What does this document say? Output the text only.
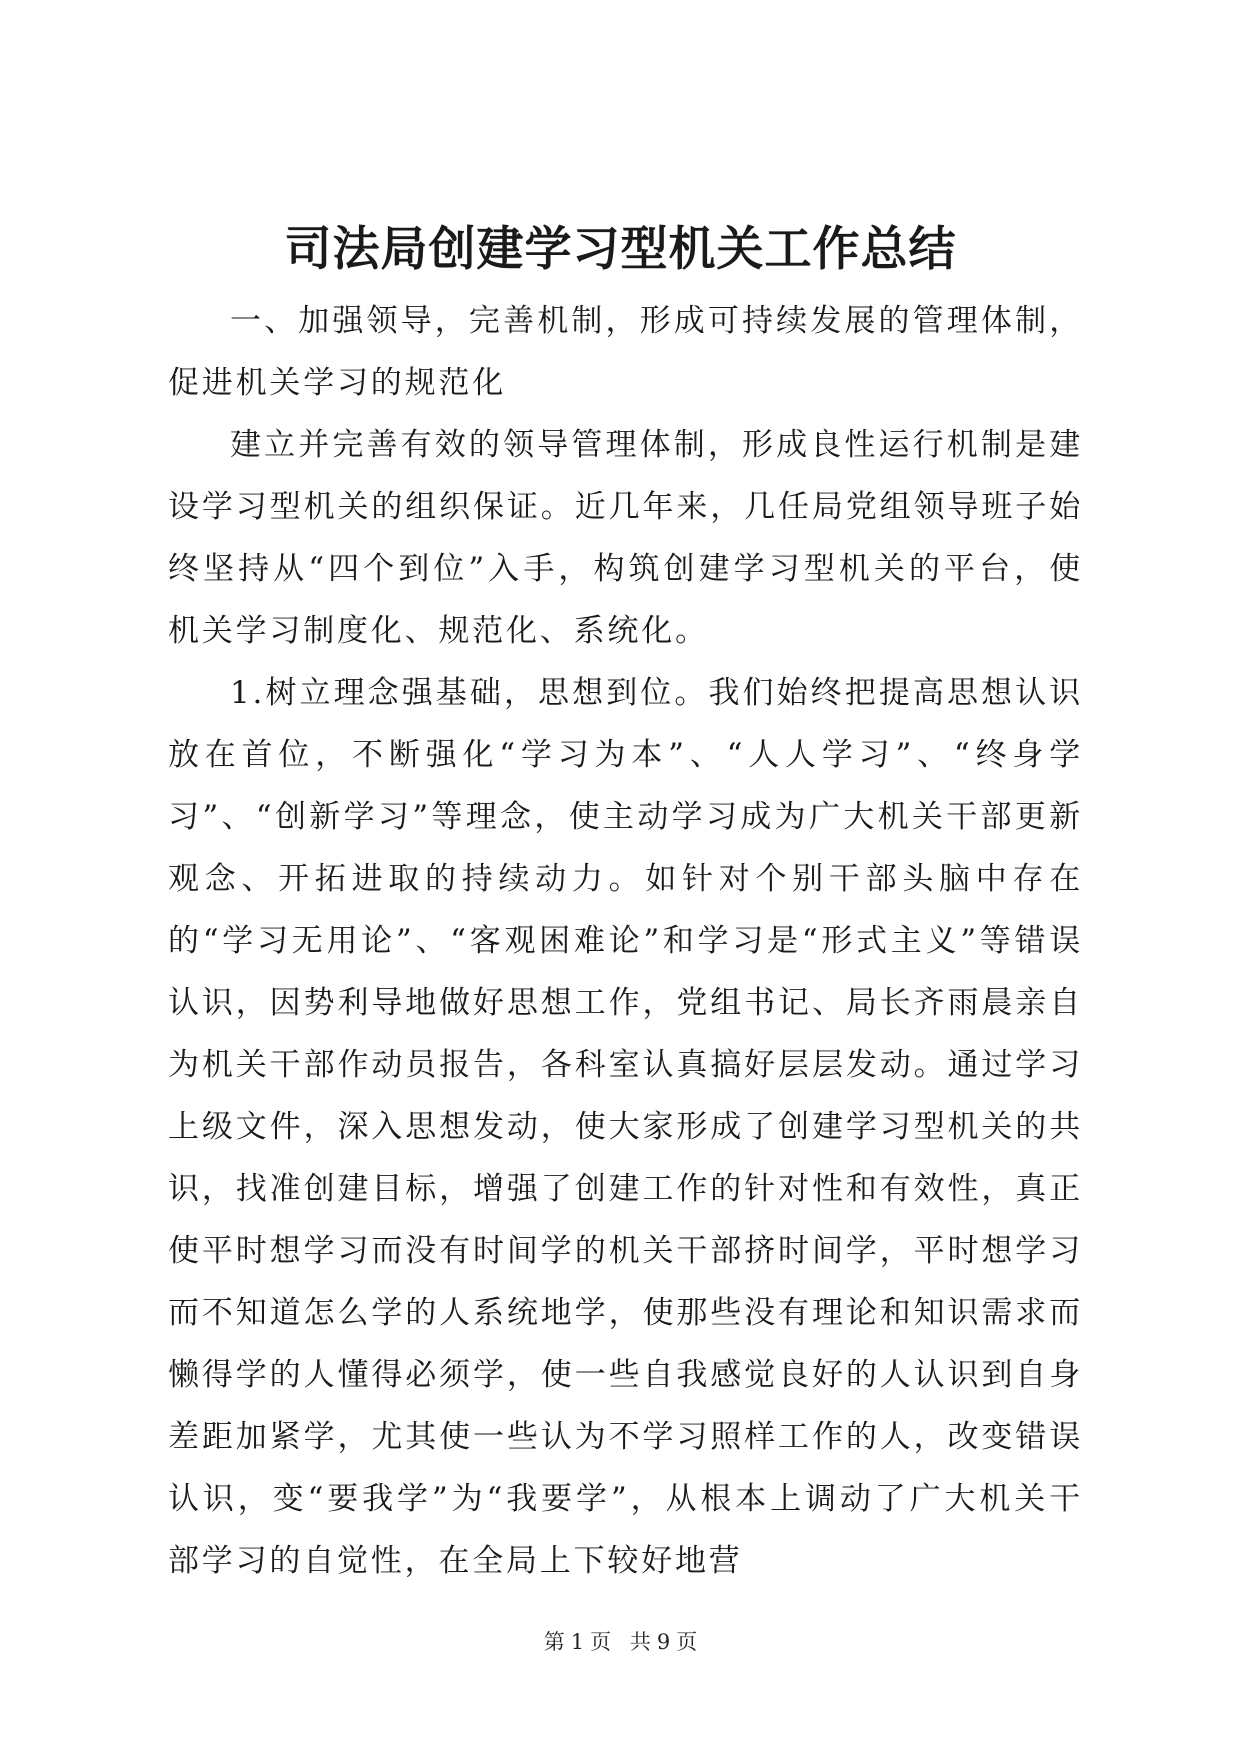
司法局创建学习型机关工作总结

一、加强领导，完善机制，形成可持续发展的管理体制，促进机关学习的规范化

建立并完善有效的领导管理体制，形成良性运行机制是建设学习型机关的组织保证。近几年来，几任局党组领导班子始终坚持从“四个到位”入手，构筑创建学习型机关的平台，使机关学习制度化、规范化、系统化。

1.树立理念强基础，思想到位。我们始终把提高思想认识放在首位，不断强化“学习为本”、“人人学习”、“终身学习”、“创新学习”等理念，使主动学习成为广大机关干部更新观念、开拓进取的持续动力。如针对个别干部头脑中存在的“学习无用论”、“客观困难论”和学习是“形式主义”等错误认识，因势利导地做好思想工作，党组书记、局长齐雨晨亲自为机关干部作动员报告，各科室认真搞好层层发动。通过学习上级文件，深入思想发动，使大家形成了创建学习型机关的共识，找准创建目标，增强了创建工作的针对性和有效性，真正使平时想学习而没有时间学的机关干部挤时间学，平时想学习而不知道怎么学的人系统地学，使那些没有理论和知识需求而懒得学的人懂得必须学，使一些自我感觉良好的人认识到自身差距加紧学，尤其使一些认为不学习照样工作的人，改变错误认识，变“要我学”为“我要学”，从根本上调动了广大机关干部学习的自觉性，在全局上下较好地营

第 1 页 共 9 页
